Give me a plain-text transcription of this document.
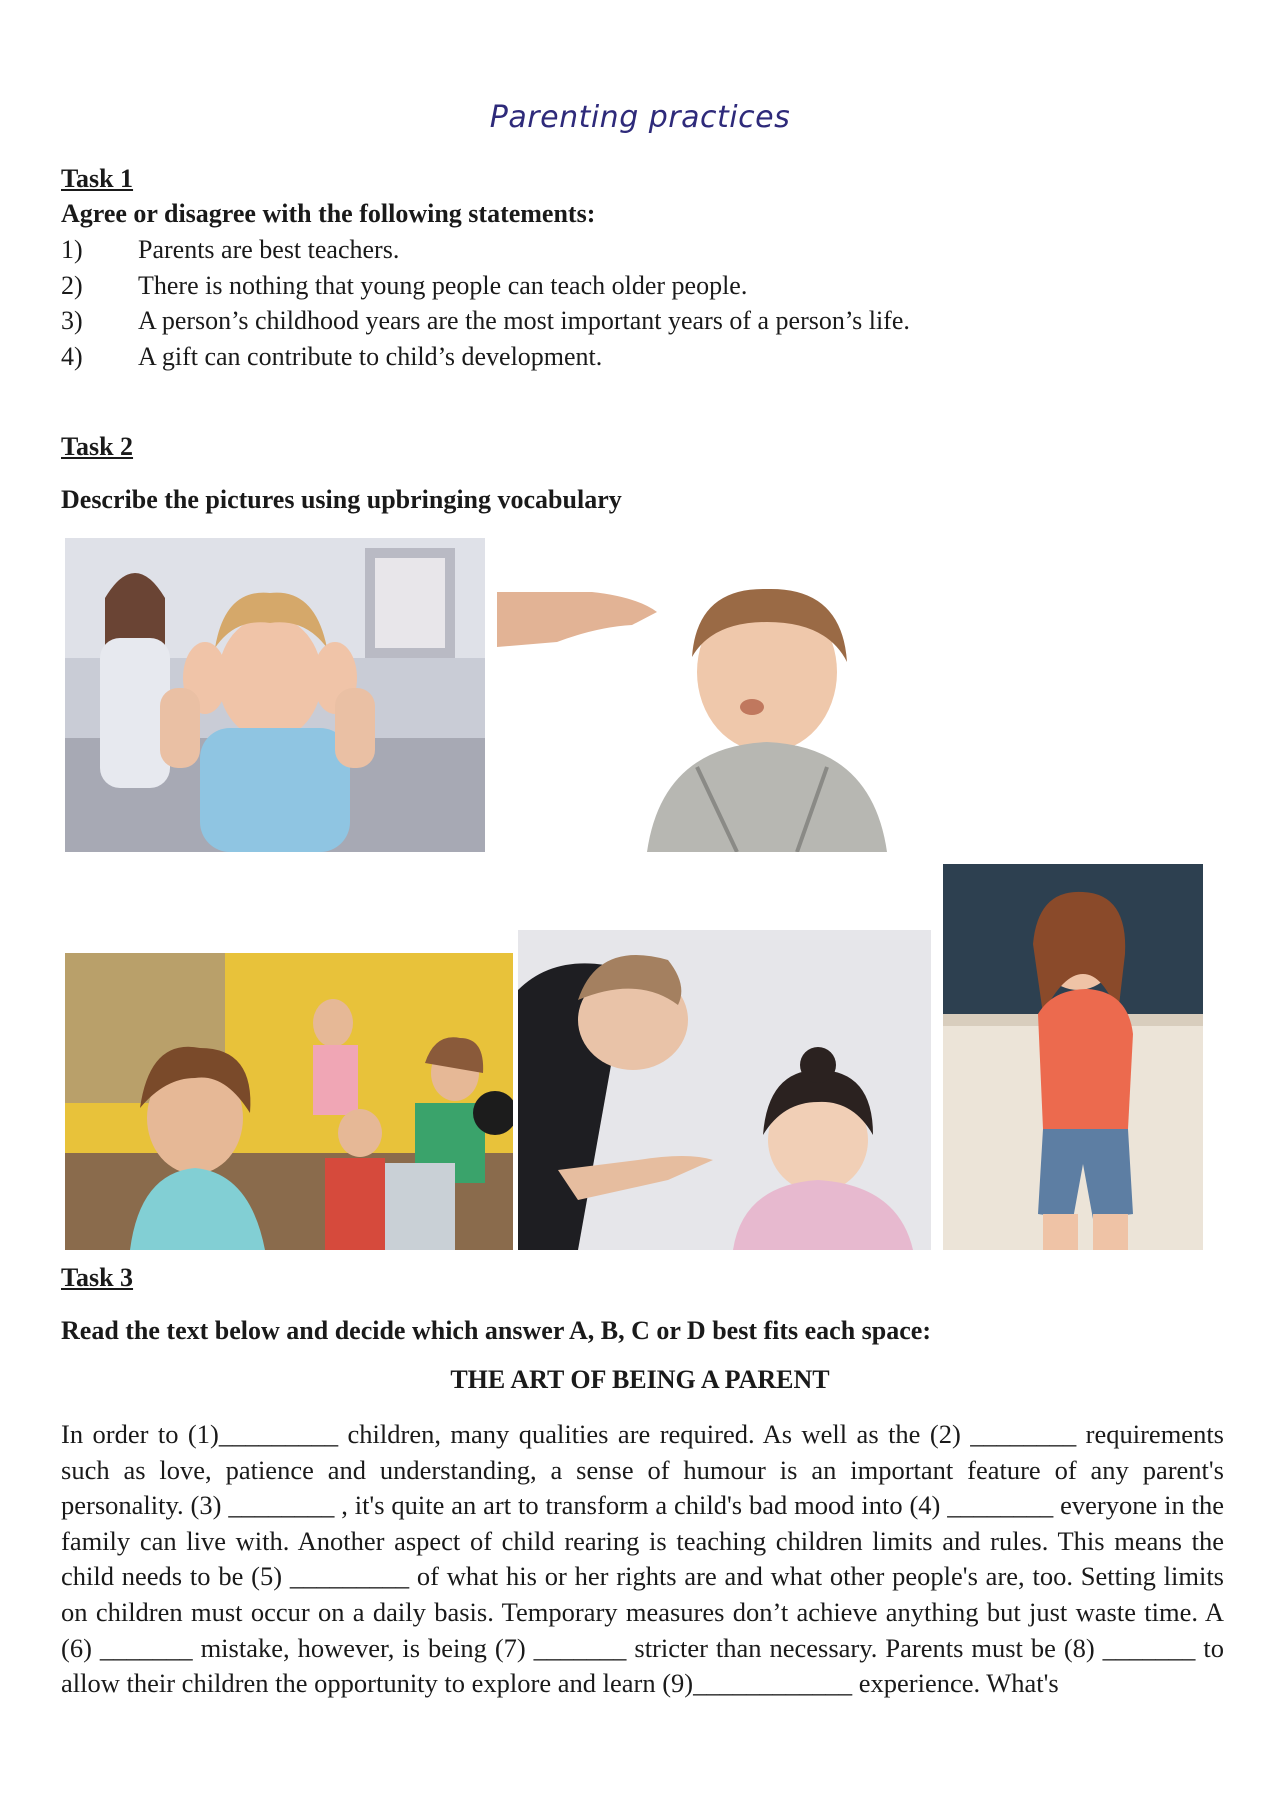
Parenting practices
Task 1
Agree or disagree with the following statements:
1)	Parents are best teachers.
2)	There is nothing that young people can teach older people.
3)	A person’s childhood years are the most important years of a person’s life.
4)	A gift can contribute to child’s development.
Task 2
Describe the pictures using upbringing vocabulary
Task 3
Read the text below and decide which answer A, B, C or D best fits each space:
THE ART OF BEING A PARENT

In order to (1)_________ children, many qualities are required. As well as the (2) ________ requirements such as love, patience and understanding, a sense of humour is an important feature of any parent's personality. (3) ________ , it's quite an art to transform a child's bad mood into (4) ________ everyone in the family can live with. Another aspect of child rearing is teaching children limits and rules. This means the child needs to be (5) _________ of what his or her rights are and what other people's are, too. Setting limits on children must occur on a daily basis. Temporary measures don’t achieve anything but just waste time. A (6) _______ mistake, however, is being (7) _______ stricter than necessary. Parents must be (8) _______ to allow their children the opportunity to explore and learn (9)____________ experience. What's
